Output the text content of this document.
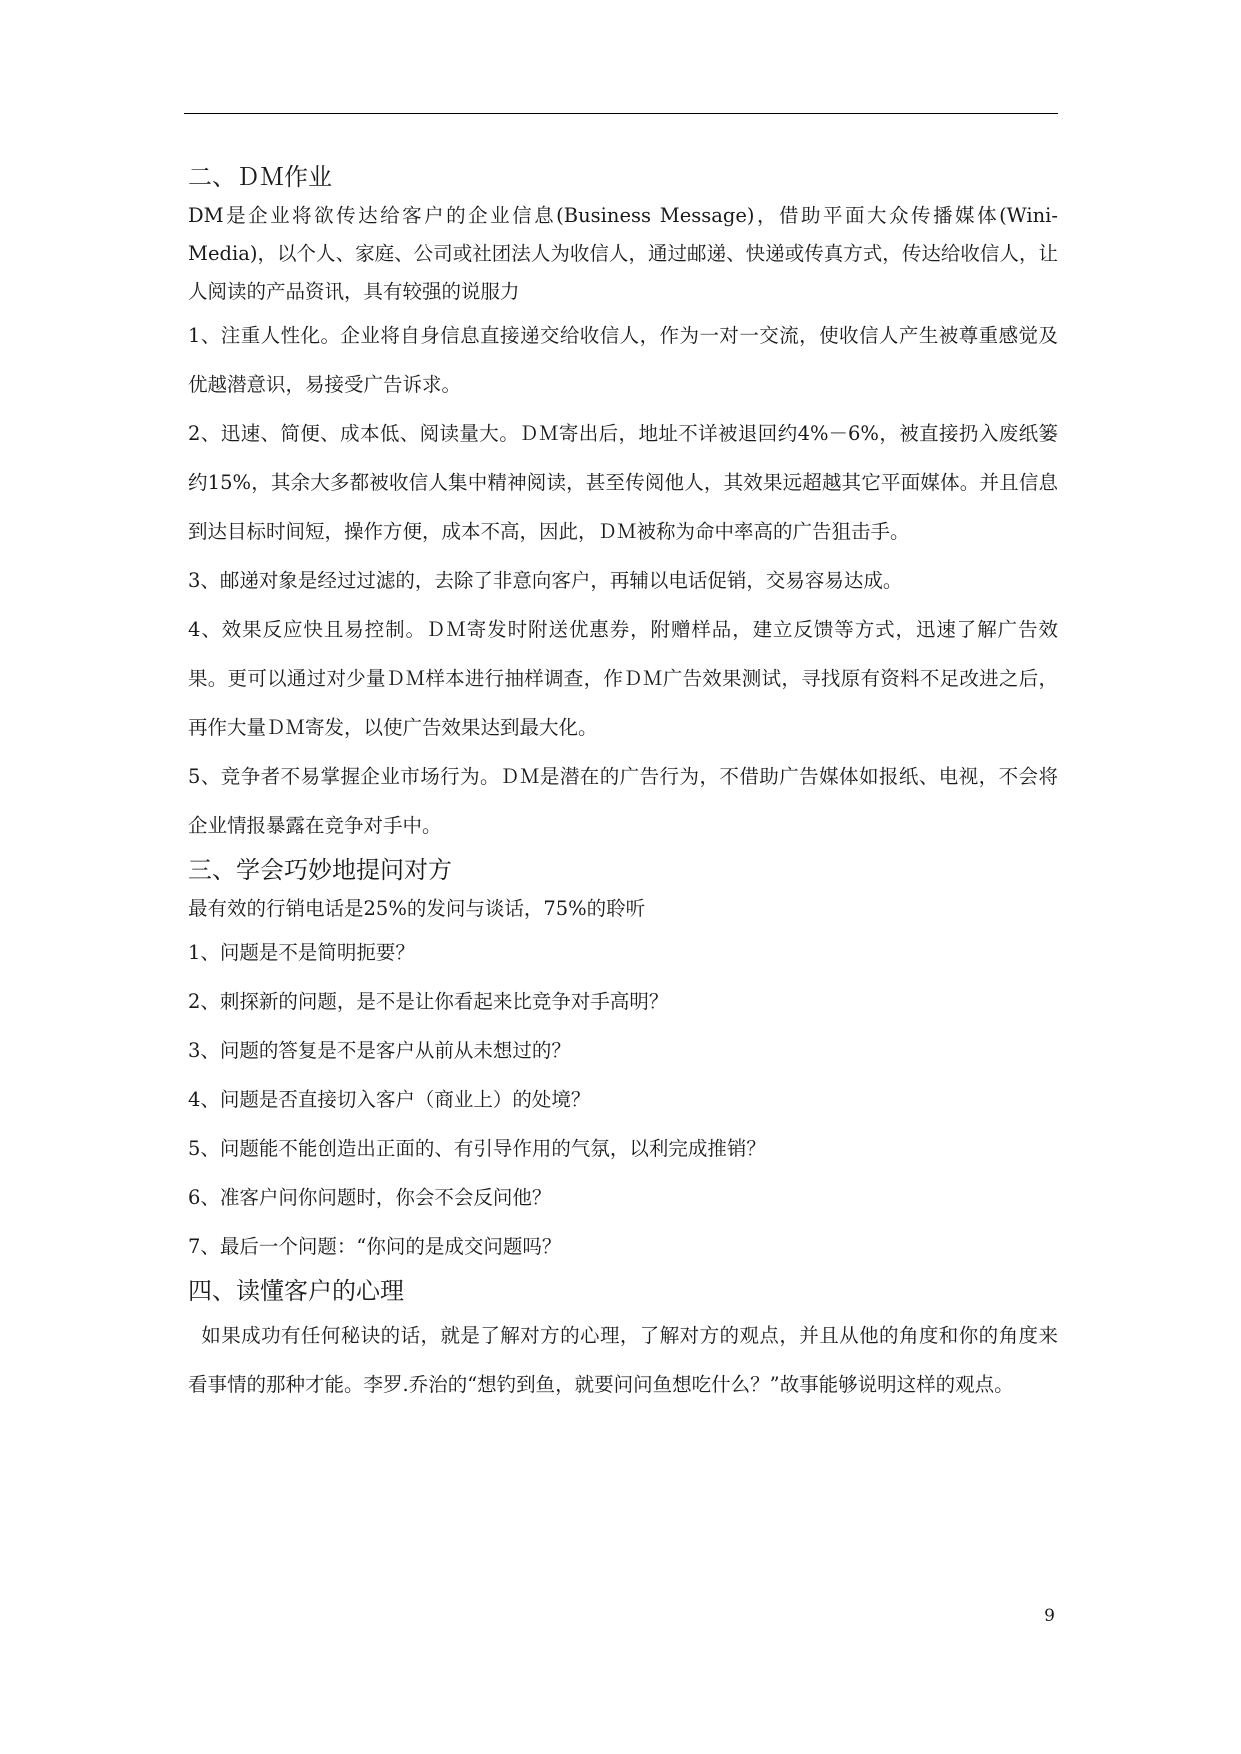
二、ＤＭ作业

DM是企业将欲传达给客户的企业信息(Business Message)，借助平面大众传播媒体(Wini-Media)，以个人、家庭、公司或社团法人为收信人，通过邮递、快递或传真方式，传达给收信人，让人阅读的产品资讯，具有较强的说服力

1、注重人性化。企业将自身信息直接递交给收信人，作为一对一交流，使收信人产生被尊重感觉及优越潜意识，易接受广告诉求。

2、迅速、简便、成本低、阅读量大。ＤＭ寄出后，地址不详被退回约4%－6%，被直接扔入废纸篓约15%，其余大多都被收信人集中精神阅读，甚至传阅他人，其效果远超越其它平面媒体。并且信息到达目标时间短，操作方便，成本不高，因此，ＤＭ被称为命中率高的广告狙击手。

3、邮递对象是经过过滤的，去除了非意向客户，再辅以电话促销，交易容易达成。

4、效果反应快且易控制。ＤＭ寄发时附送优惠券，附赠样品，建立反馈等方式，迅速了解广告效果。更可以通过对少量ＤＭ样本进行抽样调查，作ＤＭ广告效果测试，寻找原有资料不足改进之后，再作大量ＤＭ寄发，以使广告效果达到最大化。

5、竞争者不易掌握企业市场行为。ＤＭ是潜在的广告行为，不借助广告媒体如报纸、电视，不会将企业情报暴露在竞争对手中。

三、学会巧妙地提问对方

最有效的行销电话是25%的发问与谈话，75%的聆听

1、问题是不是简明扼要？

2、刺探新的问题，是不是让你看起来比竞争对手高明？

3、问题的答复是不是客户从前从未想过的？

4、问题是否直接切入客户（商业上）的处境？

5、问题能不能创造出正面的、有引导作用的气氛，以利完成推销？

6、准客户问你问题时，你会不会反问他？

7、最后一个问题：“你问的是成交问题吗？

四、读懂客户的心理

如果成功有任何秘诀的话，就是了解对方的心理，了解对方的观点，并且从他的角度和你的角度来看事情的那种才能。李罗.乔治的“想钓到鱼，就要问问鱼想吃什么？”故事能够说明这样的观点。

9
